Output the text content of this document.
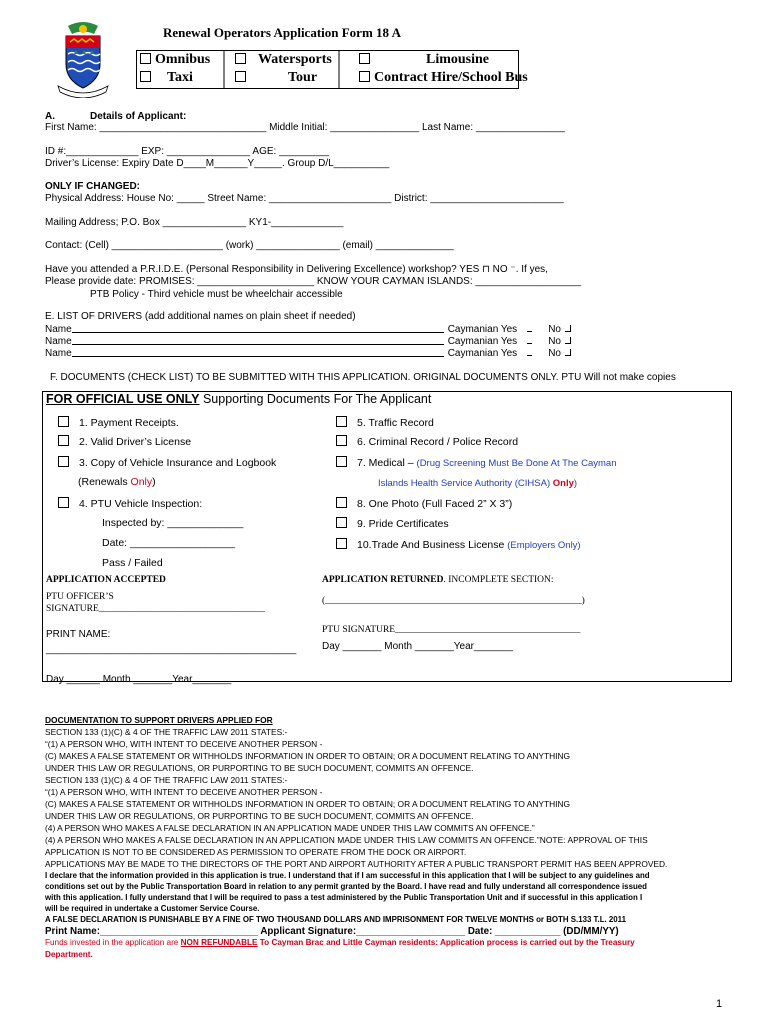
Renewal Operators Application Form 18 A
Omnibus	Watersports	Limousine
Taxi	Tour	Contract Hire/School Bus
A.	Details of Applicant:
First Name: ______________________________ Middle Initial: ________________ Last Name: ________________
ID #:_____________ EXP: _______________ AGE: _________
Driver’s License: Expiry Date D____M______Y_____. Group D/L__________
ONLY IF CHANGED:
Physical Address: House No: _____ Street Name: ______________________ District: ________________________
Mailing Address; P.O. Box _______________ KY1-_____________
Contact: (Cell) ____________________ (work) _______________ (email) ______________
Have you attended a P.R.I.D.E. (Personal Responsibility in Delivering Excellence) workshop? YES ⊓ NO ⁻. If yes,
Please provide date: PROMISES: _____________________ KNOW YOUR CAYMAN ISLANDS: ___________________
PTB Policy - Third vehicle must be wheelchair accessible
E. LIST OF DRIVERS (add additional names on plain sheet if needed)
Name	Caymanian Yes	No
Name	Caymanian Yes	No
Name	Caymanian Yes	No
F. DOCUMENTS (CHECK LIST) TO BE SUBMITTED WITH THIS APPLICATION. ORIGINAL DOCUMENTS ONLY. PTU Will not make copies
FOR OFFICIAL USE ONLY Supporting Documents For The Applicant
1. Payment Receipts.
2. Valid Driver’s License
3. Copy of Vehicle Insurance and Logbook
(Renewals Only)
4. PTU Vehicle Inspection:
Inspected by: _____________
Date: __________________
Pass / Failed
5. Traffic Record
6. Criminal Record / Police Record
7. Medical – (Drug Screening Must Be Done At The Cayman
Islands Health Service Authority (CIHSA) Only)
8. One Photo (Full Faced 2” X 3”)
9. Pride Certificates
10.Trade And Business License (Employers Only)
APPLICATION ACCEPTED	APPLICATION RETURNED. INCOMPLETE SECTION:
PTU OFFICER’S
SIGNATURE___________________________________
(______________________________________________________)
PRINT NAME:
_____________________________________________
PTU SIGNATURE_______________________________________
Day _______ Month _______Year_______
Day ______ Month _______Year_______
DOCUMENTATION TO SUPPORT DRIVERS APPLIED FOR
SECTION 133 (1)(C) & 4 OF THE TRAFFIC LAW 2011 STATES:-
“(1) A PERSON WHO, WITH INTENT TO DECEIVE ANOTHER PERSON -
(C) MAKES A FALSE STATEMENT OR WITHHOLDS INFORMATION IN ORDER TO OBTAIN; OR A DOCUMENT RELATING TO ANYTHING
UNDER THIS LAW OR REGULATIONS, OR PURPORTING TO BE SUCH DOCUMENT, COMMITS AN OFFENCE.
SECTION 133 (1)(C) & 4 OF THE TRAFFIC LAW 2011 STATES:-
“(1) A PERSON WHO, WITH INTENT TO DECEIVE ANOTHER PERSON -
(C) MAKES A FALSE STATEMENT OR WITHHOLDS INFORMATION IN ORDER TO OBTAIN; OR A DOCUMENT RELATING TO ANYTHING
UNDER THIS LAW OR REGULATIONS, OR PURPORTING TO BE SUCH DOCUMENT, COMMITS AN OFFENCE.
(4) A PERSON WHO MAKES A FALSE DECLARATION IN AN APPLICATION MADE UNDER THIS LAW COMMITS AN OFFENCE.”
(4) A PERSON WHO MAKES A FALSE DECLARATION IN AN APPLICATION MADE UNDER THIS LAW COMMITS AN OFFENCE.”NOTE: APPROVAL OF THIS
APPLICATION IS NOT TO BE CONSIDERED AS PERMISSION TO OPERATE FROM THE DOCK OR AIRPORT.
APPLICATIONS MAY BE MADE TO THE DIRECTORS OF THE PORT AND AIRPORT AUTHORITY AFTER A PUBLIC TRANSPORT PERMIT HAS BEEN APPROVED.
I declare that the information provided in this application is true. I understand that if I am successful in this application that I will be subject to any guidelines and
conditions set out by the Public Transportation Board in relation to any permit granted by the Board. I have read and fully understand all correspondence issued
with this application. I fully understand that I will be required to pass a test administered by the Public Transportation Unit and if successful in this application I
will be required in undertake a Customer Service Course.
A FALSE DECLARATION IS PUNISHABLE BY A FINE OF TWO THOUSAND DOLLARS AND IMPRISONMENT FOR TWELVE MONTHS or BOTH S.133 T.L. 2011
Print Name:_____________________________ Applicant Signature:____________________ Date: ____________ (DD/MM/YY)
Funds invested in the application are NON REFUNDABLE To Cayman Brac and Little Cayman residents: Application process is carried out by the Treasury
Department.
1
